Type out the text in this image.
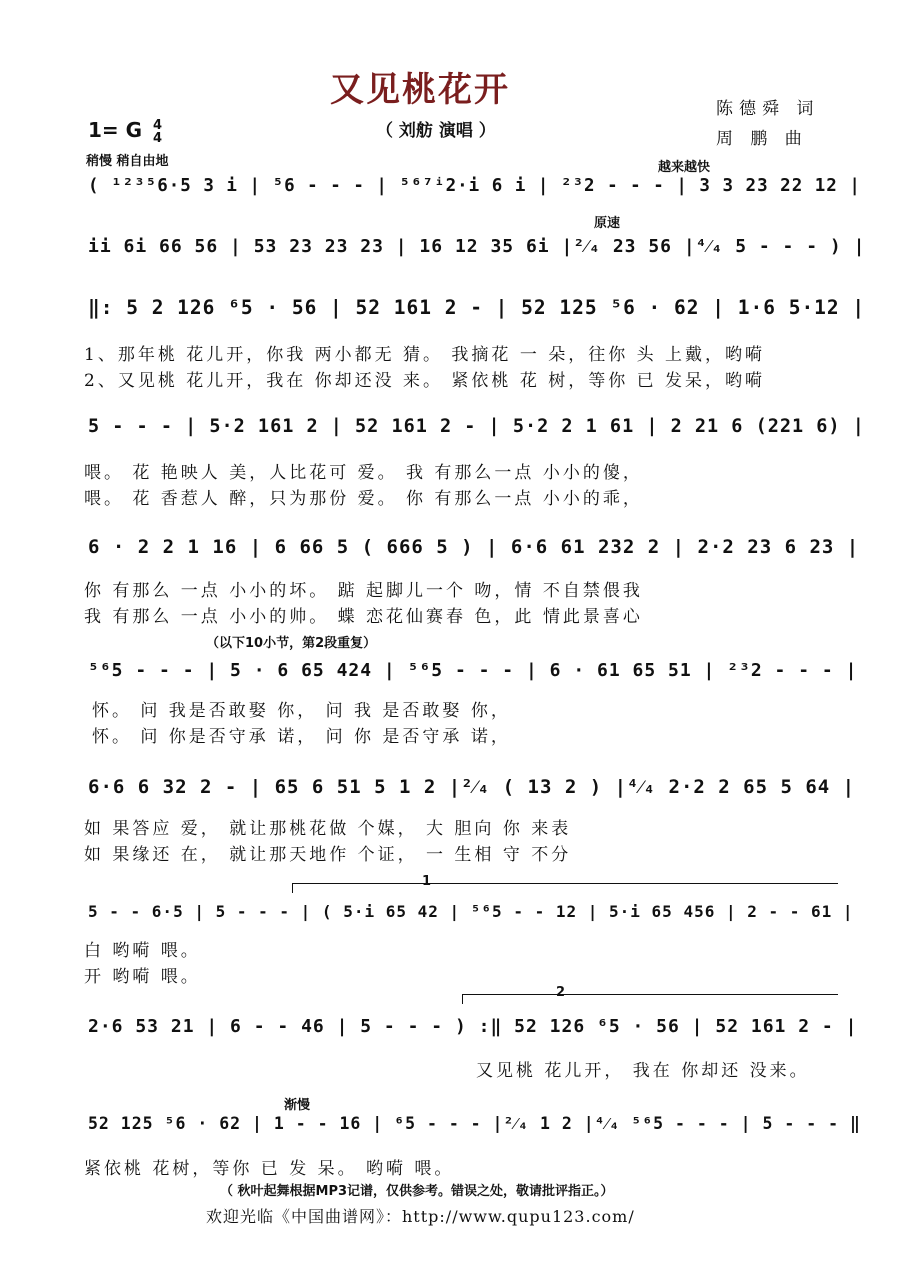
又见桃花开
（ 刘舫 演唱 ）
陈德舜 词
周 鹏 曲
1= G 4
4
稍慢 稍自由地	越来越快
原速
（以下10小节，第2段重复）
渐慢
1
2
( ¹²³⁵6·5 3 i | ⁵6 - - - | ⁵⁶⁷ⁱ2·i 6 i | ²³2 - - - | 3 3 23 22 12 |
ii 6i 66 56 | 53 23 23 23 | 16 12 35 6i |²⁄₄ 23 56 |⁴⁄₄ 5 - - - ) |
‖: 5 2 126 ⁶5 · 56 | 52 161 2 - | 52 125 ⁵6 · 62 | 1·6 5·12 |
1、那年桃 花儿开，你我 两小都无 猜。 我摘花 一 朵，往你 头 上戴，哟嗬
2、又见桃 花儿开，我在 你却还没 来。 紧依桃 花 树，等你 已 发呆，哟嗬
5 - - - | 5·2 161 2 | 52 161 2 - | 5·2 2 1 61 | 2 21 6 (221 6) |
喂。 花 艳映人 美，人比花可 爱。 我 有那么一点 小小的傻，
喂。 花 香惹人 醉，只为那份 爱。 你 有那么一点 小小的乖，
6 · 2 2 1 16 | 6 66 5 ( 666 5 ) | 6·6 61 232 2 | 2·2 23 6 23 |
你 有那么 一点 小小的坏。 踮 起脚儿一个 吻，情 不自禁偎我
我 有那么 一点 小小的帅。 蝶 恋花仙赛春 色，此 情此景喜心
⁵⁶5 - - - | 5 · 6 65 424 | ⁵⁶5 - - - | 6 · 61 65 51 | ²³2 - - - |
怀。 问 我是否敢娶 你， 问 我 是否敢娶 你，
怀。 问 你是否守承 诺， 问 你 是否守承 诺，
6·6 6 32 2 - | 65 6 51 5 1 2 |²⁄₄ ( 13 2 ) |⁴⁄₄ 2·2 2 65 5 64 |
如 果答应 爱， 就让那桃花做 个媒， 大 胆向 你 来表
如 果缘还 在， 就让那天地作 个证， 一 生相 守 不分
5 - - 6·5 | 5 - - - | ( 5·i 65 42 | ⁵⁶5 - - 12 | 5·i 65 456 | 2 - - 61 |
白 哟嗬 喂。
开 哟嗬 喂。
2·6 53 21 | 6 - - 46 | 5 - - - ) :‖ 52 126 ⁶5 · 56 | 52 161 2 - |
又见桃 花儿开， 我在 你却还 没来。
52 125 ⁵6 · 62 | 1 - - 16 | ⁶5 - - - |²⁄₄ 1 2 |⁴⁄₄ ⁵⁶5 - - - | 5 - - - ‖
紧依桃 花树，等你 已 发 呆。 哟嗬 喂。
（ 秋叶起舞根据MP3记谱，仅供参考。错误之处，敬请批评指正。）
欢迎光临《中国曲谱网》：http://www.qupu123.com/
